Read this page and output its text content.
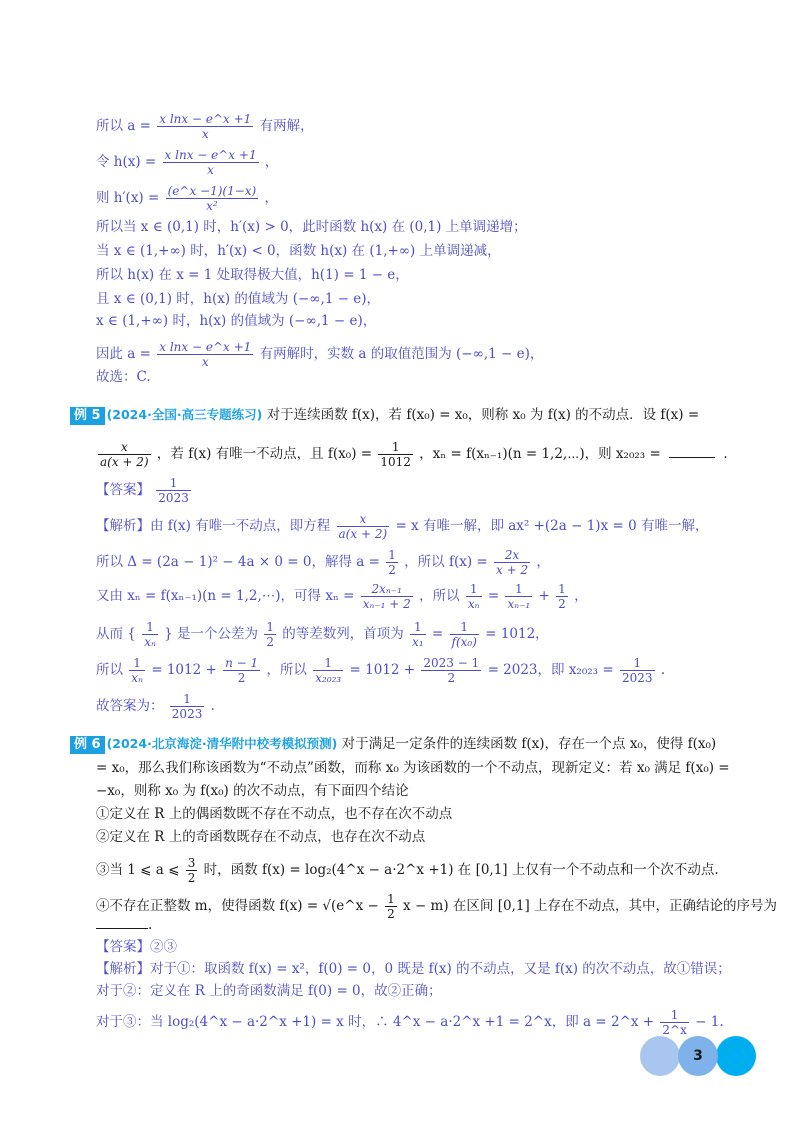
所以 $a = \frac{\text{x lnx − e\textasciicircum{}x +1}}{x}$ 有两解，
令 $h(x) = \frac{\text{x lnx − e\textasciicircum{}x +1}}{x}$ ，
则 $h'(x) = \frac{(e\^{}x -1)(1-x)}{\text{x²}}$ ，
所以当 x ∈ (0,1) 时，h′(x) > 0，此时函数 h(x) 在 (0,1) 上单调递增；
当 x ∈ (1,+∞) 时，h′(x) < 0，函数 h(x) 在 (1,+∞) 上单调递减，
所以 h(x) 在 x = 1 处取得极大值，h(1) = 1 − e，
且 x ∈ (0,1) 时，h(x) 的值域为 (−∞,1 − e)，
x ∈ (1,+∞) 时，h(x) 的值域为 (−∞,1 − e)，
因此 $a = \frac{\text{x lnx − e\textasciicircum{}x +1}}{x}$ 有两解时，实数 a 的取值范围为 (−∞,1 − e)，
故选：C.
例 5 (2024·全国·高三专题练习) 对于连续函数 f(x)，若 f(x₀) = x₀，则称 x₀ 为 f(x) 的不动点．设 f(x) =
$\frac{x}{a(x + 2)}$ ，若 f(x) 有唯一不动点，且 $f(x_0) = \frac{1}{1012}$ ，xₙ = f(xₙ₋₁)(n = 1,2,⋯)，则 x₂₀₂₃ =	.
【答案】 $\frac{1}{2023}$
【解析】由 f(x) 有唯一不动点，即方程 $\frac{x}{a(x + 2)} = x$ 有唯一解，即 ax² +(2a − 1)x = 0 有唯一解，
所以 Δ = (2a − 1)² − 4a × 0 = 0，解得 $a = \frac{1}{2}$ ，所以 $f(x) = \frac{2x}{x + 2}$ ，
又由 xₙ = f(xₙ₋₁)(n = 1,2,⋯)，可得 $x_n = \frac{\text{2xₙ₋₁}}{\text{xₙ₋₁ + 2}}$ ，所以 $\frac{1}{\text{xₙ}} = \frac{1}{\text{xₙ₋₁}} + \frac{1}{2}$ ，
从而 { $\frac{1}{\text{xₙ}}$ } 是一个公差为 $\frac{1}{2}$ 的等差数列，首项为 $\frac{1}{\text{x₁}} = \frac{1}{\text{f(x₀)}} = 1012$，
所以 $\frac{1}{\text{xₙ}} = 1012 + \frac{n - 1}{2}$ ，所以 $\frac{1}{\text{x₂₀₂₃}} = 1012 + \frac{2023 - 1}{2} = 2023$，即 $x_{2023} = \frac{1}{2023}$ .
故答案为： $\frac{1}{2023}$ .
例 6 (2024·北京海淀·清华附中校考模拟预测) 对于满足一定条件的连续函数 f(x)，存在一个点 x₀，使得 f(x₀)
= x₀，那么我们称该函数为“不动点”函数，而称 x₀ 为该函数的一个不动点，现新定义：若 x₀ 满足 f(x₀) =
−x₀，则称 x₀ 为 f(x₀) 的次不动点，有下面四个结论
①定义在 R 上的偶函数既不存在不动点，也不存在次不动点
②定义在 R 上的奇函数既存在不动点，也存在次不动点
③当 1 ⩽ a ⩽ $\frac{3}{2}$ 时，函数 f(x) = log₂(4^x − a·2^x +1) 在 [0,1] 上仅有一个不动点和一个次不动点.
④不存在正整数 m，使得函数 f(x) = √(e^x − $\frac{1}{2}$ x − m) 在区间 [0,1] 上存在不动点，其中，正确结论的序号为
.
【答案】②③
【解析】对于①：取函数 f(x) = x²，f(0) = 0，0 既是 f(x) 的不动点，又是 f(x) 的次不动点，故①错误；
对于②：定义在 R 上的奇函数满足 f(0) = 0，故②正确；
对于③：当 log₂(4^x − a·2^x +1) = x 时，∴ 4^x − a·2^x +1 = 2^x，即 a = 2^x + $\frac{1}{2\^{}x} - 1$.
3
